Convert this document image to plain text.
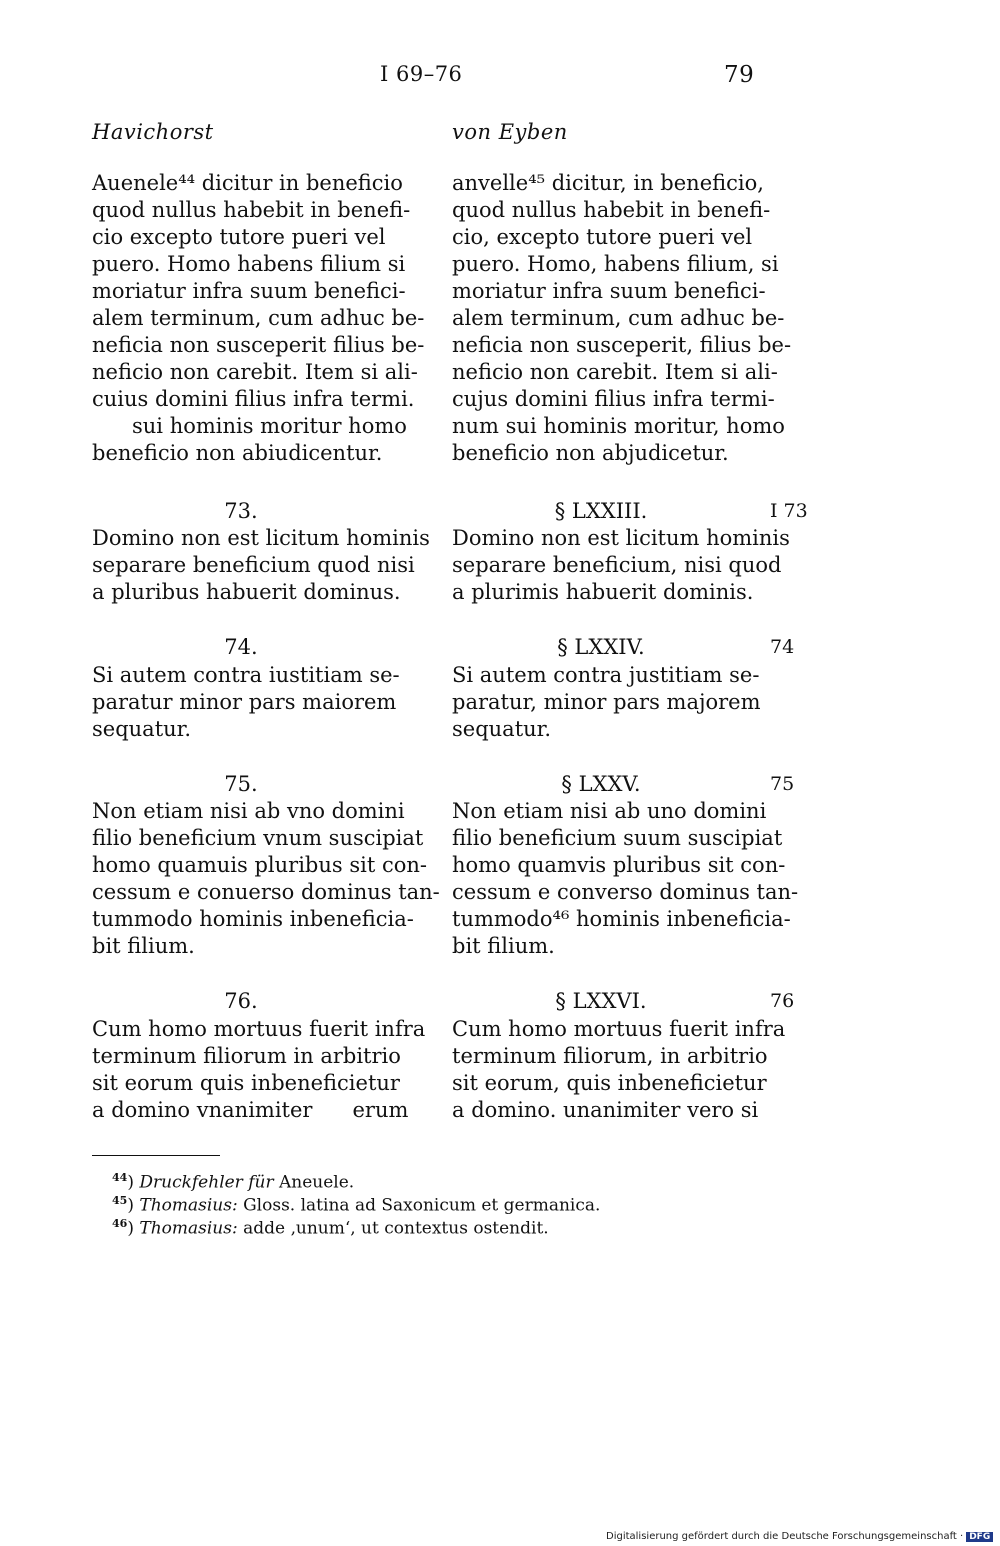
I 69–76	79
Havichorst	von Eyben
Auenele⁴⁴ dicitur in beneficio
quod nullus habebit in benefi-
cio excepto tutore pueri vel
puero. Homo habens filium si
moriatur infra suum benefici-
alem terminum, cum adhuc be-
neficia non susceperit filius be-
neficio non carebit. Item si ali-
cuius domini filius infra termi.
sui hominis moritur homo
beneficio non abiudicentur.
anvelle⁴⁵ dicitur, in beneficio,
quod nullus habebit in benefi-
cio, excepto tutore pueri vel
puero. Homo, habens filium, si
moriatur infra suum benefici-
alem terminum, cum adhuc be-
neficia non susceperit, filius be-
neficio non carebit. Item si ali-
cujus domini filius infra termi-
num sui hominis moritur, homo
beneficio non abjudicetur.
73.	§ LXXIII.	I 73
Domino non est licitum hominis
separare beneficium quod nisi
a pluribus habuerit dominus.
Domino non est licitum hominis
separare beneficium, nisi quod
a plurimis habuerit dominis.
74.	§ LXXIV.	74
Si autem contra iustitiam se-
paratur minor pars maiorem
sequatur.
Si autem contra justitiam se-
paratur, minor pars majorem
sequatur.
75.	§ LXXV.	75
Non etiam nisi ab vno domini
filio beneficium vnum suscipiat
homo quamuis pluribus sit con-
cessum e conuerso dominus tan-
tummodo hominis inbeneficia-
bit filium.
Non etiam nisi ab uno domini
filio beneficium suum suscipiat
homo quamvis pluribus sit con-
cessum e converso dominus tan-
tummodo⁴⁶ hominis inbeneficia-
bit filium.
76.	§ LXXVI.	76
Cum homo mortuus fuerit infra
terminum filiorum in arbitrio
sit eorum quis inbeneficietur
a domino vnanimiter      erum
Cum homo mortuus fuerit infra
terminum filiorum, in arbitrio
sit eorum, quis inbeneficietur
a domino. unanimiter vero si
$^{44}$) Druckfehler für Aneuele.
$^{45}$) Thomasius: Gloss. latina ad Saxonicum et germanica.
$^{46}$) Thomasius: adde ‚unum‘, ut contextus ostendit.
Digitalisierung gefördert durch die Deutsche Forschungsgemeinschaft · DFG
